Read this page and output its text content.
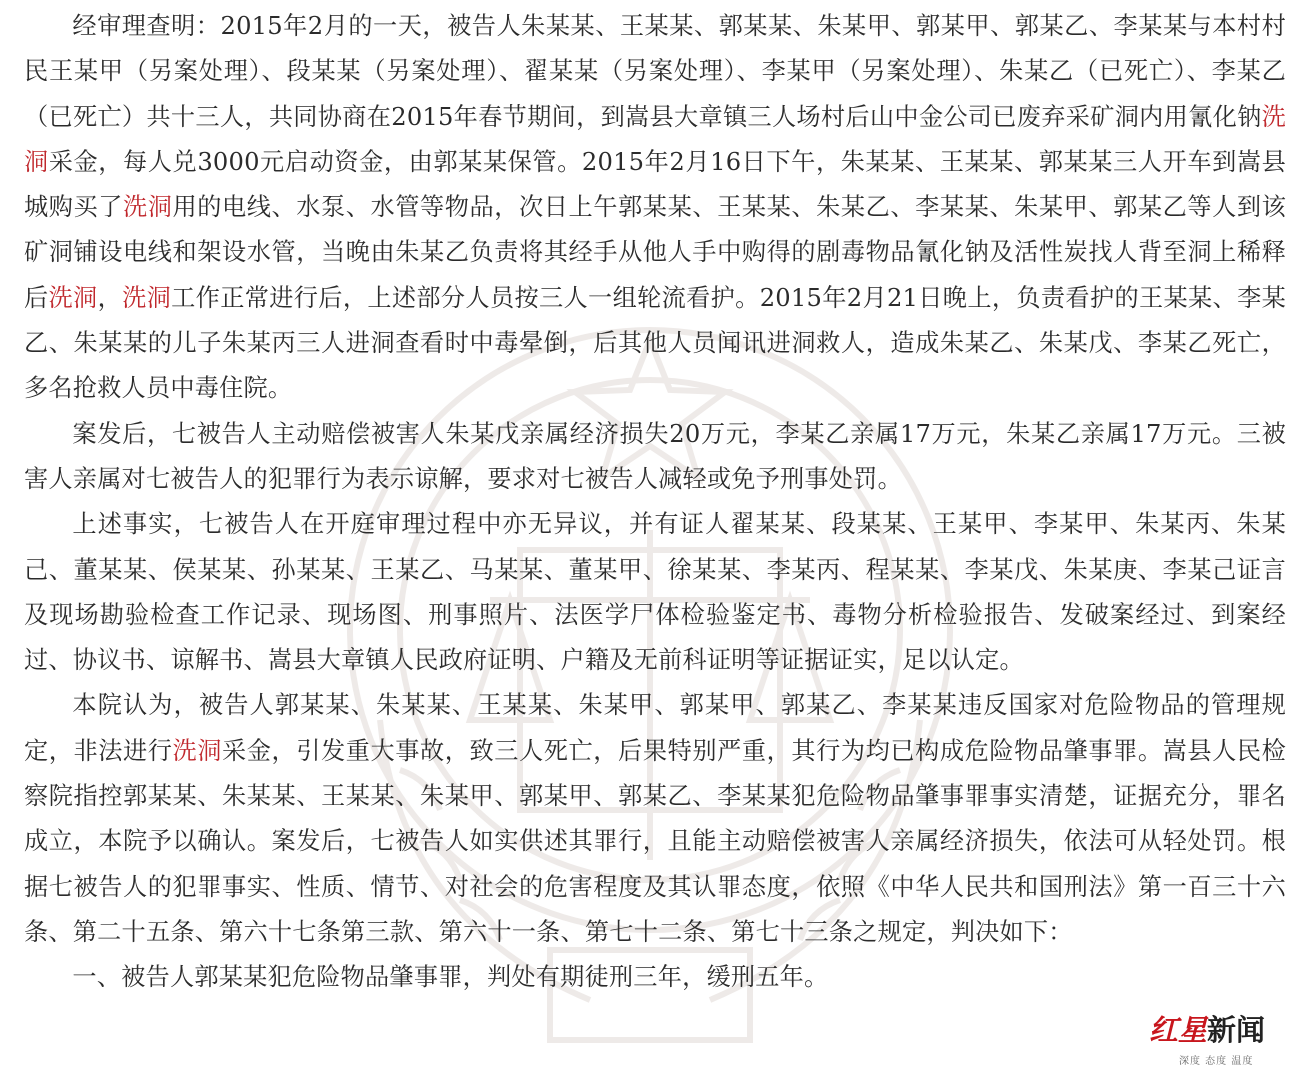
经审理查明：2015年2月的一天，被告人朱某某、王某某、郭某某、朱某甲、郭某甲、郭某乙、李某某与本村村民王某甲（另案处理）、段某某（另案处理）、翟某某（另案处理）、李某甲（另案处理）、朱某乙（已死亡）、李某乙（已死亡）共十三人，共同协商在2015年春节期间，到嵩县大章镇三人场村后山中金公司已废弃采矿洞内用氰化钠洗洞采金，每人兑3000元启动资金，由郭某某保管。2015年2月16日下午，朱某某、王某某、郭某某三人开车到嵩县城购买了洗洞用的电线、水泵、水管等物品，次日上午郭某某、王某某、朱某乙、李某某、朱某甲、郭某乙等人到该矿洞铺设电线和架设水管，当晚由朱某乙负责将其经手从他人手中购得的剧毒物品氰化钠及活性炭找人背至洞上稀释后洗洞，洗洞工作正常进行后，上述部分人员按三人一组轮流看护。2015年2月21日晚上，负责看护的王某某、李某乙、朱某某的儿子朱某丙三人进洞查看时中毒晕倒，后其他人员闻讯进洞救人，造成朱某乙、朱某戊、李某乙死亡，多名抢救人员中毒住院。

案发后，七被告人主动赔偿被害人朱某戊亲属经济损失20万元，李某乙亲属17万元，朱某乙亲属17万元。三被害人亲属对七被告人的犯罪行为表示谅解，要求对七被告人减轻或免予刑事处罚。

上述事实，七被告人在开庭审理过程中亦无异议，并有证人翟某某、段某某、王某甲、李某甲、朱某丙、朱某己、董某某、侯某某、孙某某、王某乙、马某某、董某甲、徐某某、李某丙、程某某、李某戊、朱某庚、李某己证言及现场勘验检查工作记录、现场图、刑事照片、法医学尸体检验鉴定书、毒物分析检验报告、发破案经过、到案经过、协议书、谅解书、嵩县大章镇人民政府证明、户籍及无前科证明等证据证实，足以认定。

本院认为，被告人郭某某、朱某某、王某某、朱某甲、郭某甲、郭某乙、李某某违反国家对危险物品的管理规定，非法进行洗洞采金，引发重大事故，致三人死亡，后果特别严重，其行为均已构成危险物品肇事罪。嵩县人民检察院指控郭某某、朱某某、王某某、朱某甲、郭某甲、郭某乙、李某某犯危险物品肇事罪事实清楚，证据充分，罪名成立，本院予以确认。案发后，七被告人如实供述其罪行，且能主动赔偿被害人亲属经济损失，依法可从轻处罚。根据七被告人的犯罪事实、性质、情节、对社会的危害程度及其认罪态度，依照《中华人民共和国刑法》第一百三十六条、第二十五条、第六十七条第三款、第六十一条、第七十二条、第七十三条之规定，判决如下：

一、被告人郭某某犯危险物品肇事罪，判处有期徒刑三年，缓刑五年。

红星新闻
深度 态度 温度
